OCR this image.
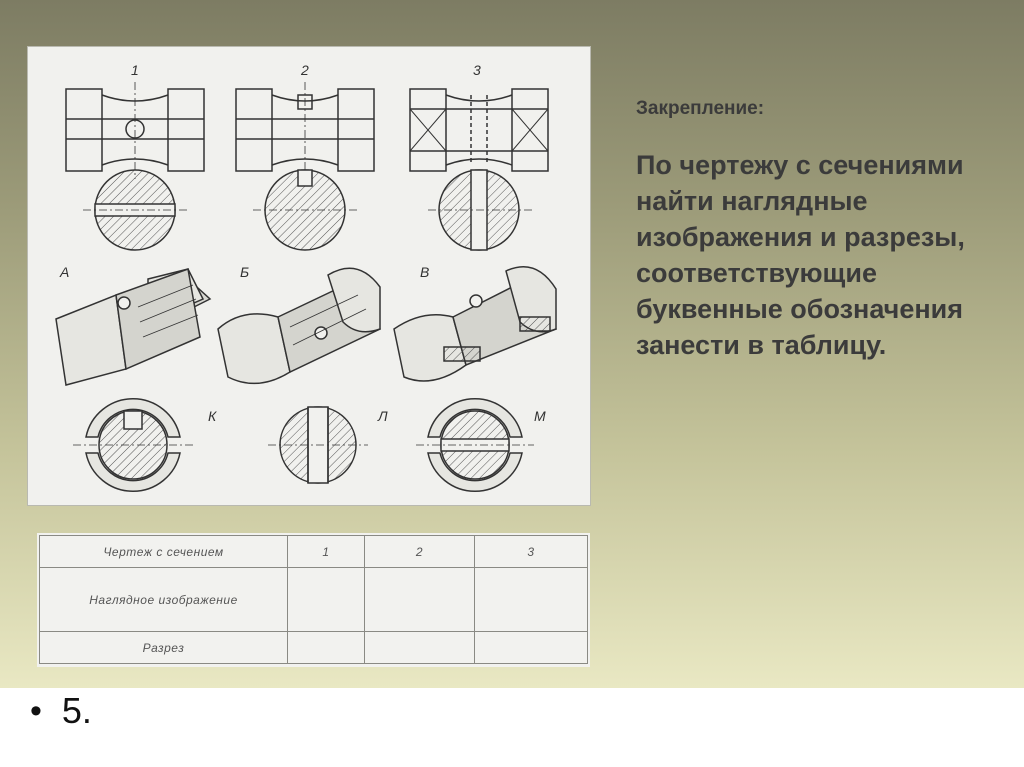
1	2	3
А	Б	В
К	Л	М
Чертеж с сечением	1	2	3
Наглядное изображение			
Разрез			
Закрепление:

По чертежу с сечениями найти наглядные изображения и разрезы, соответствующие буквенные обозначения занести в таблицу.

• 5.
